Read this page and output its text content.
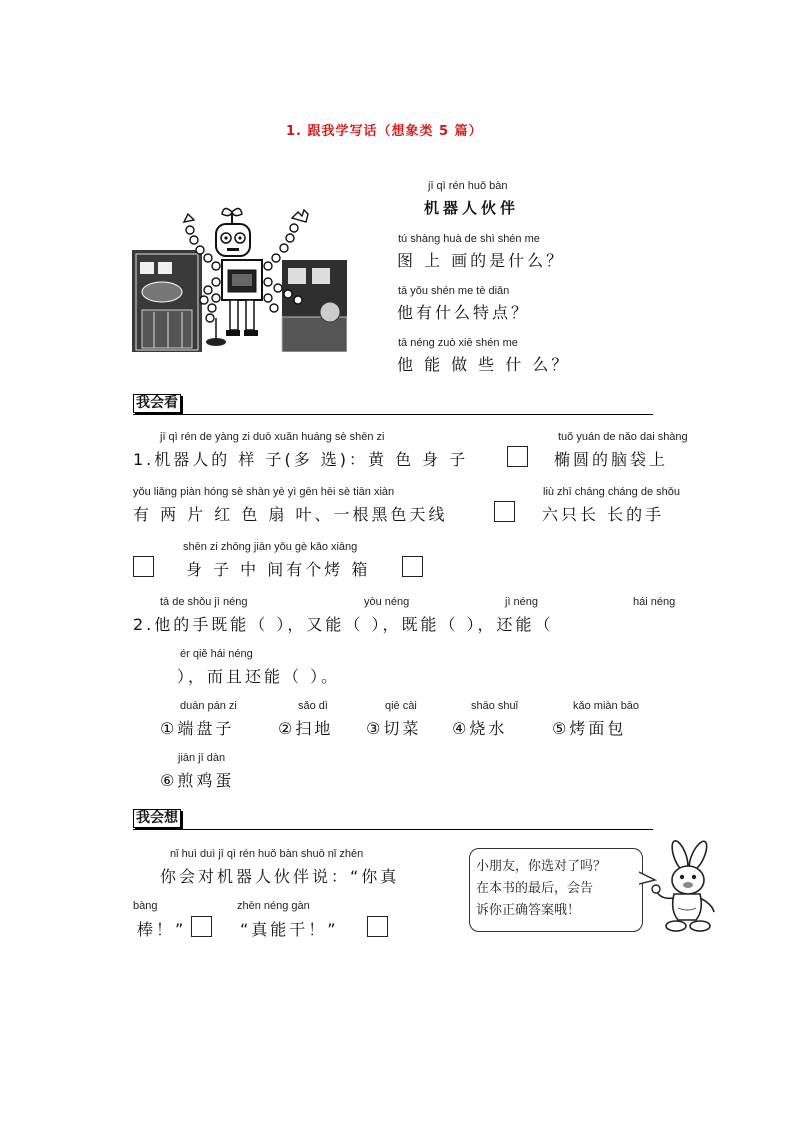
1. 跟我学写话（想象类 5 篇）
jī qì rén huǒ bàn
机器人伙伴
tú shàng huà de shì shén me
图 上 画的是什么？
tā yǒu shén me tè diǎn
他有什么特点？
tā néng zuò xiē shén me
他 能 做 些 什 么？
我会看
jī qì rén de yàng zi duō xuǎn huáng sè shēn zi
1.机器人的 样 子(多 选)：黄 色 身 子
tuǒ yuán de nǎo dai shàng
椭圆的脑袋上
yǒu liǎng piàn hóng sè shàn yè yì gēn hēi sè tiān xiàn
有 两 片 红 色 扇 叶、一根黑色天线
liù zhī cháng cháng de shǒu
六只长 长的手
shēn zi zhōng jiān yǒu gè kǎo xiāng
身 子 中 间有个烤 箱
tā de shǒu jì néng	yòu néng	jì néng	hái néng
2.他的手既能（ ），又能（ ），既能（ ），还能（
ér qiě hái néng
），而且还能（ ）。
duān pán zi
①端盘子
sǎo dì
②扫地
qiē cài
③切菜
shāo shuǐ
④烧水
kǎo miàn bāo
⑤烤面包
jiān jī dàn
⑥煎鸡蛋
我会想
nǐ huì duì jī qì rén huǒ bàn shuō nǐ zhēn
你会对机器人伙伴说：“你真
bàng	zhēn néng gàn
棒！”	“真能干！”
小朋友，你选对了吗？
在本书的最后，会告
诉你正确答案哦！
